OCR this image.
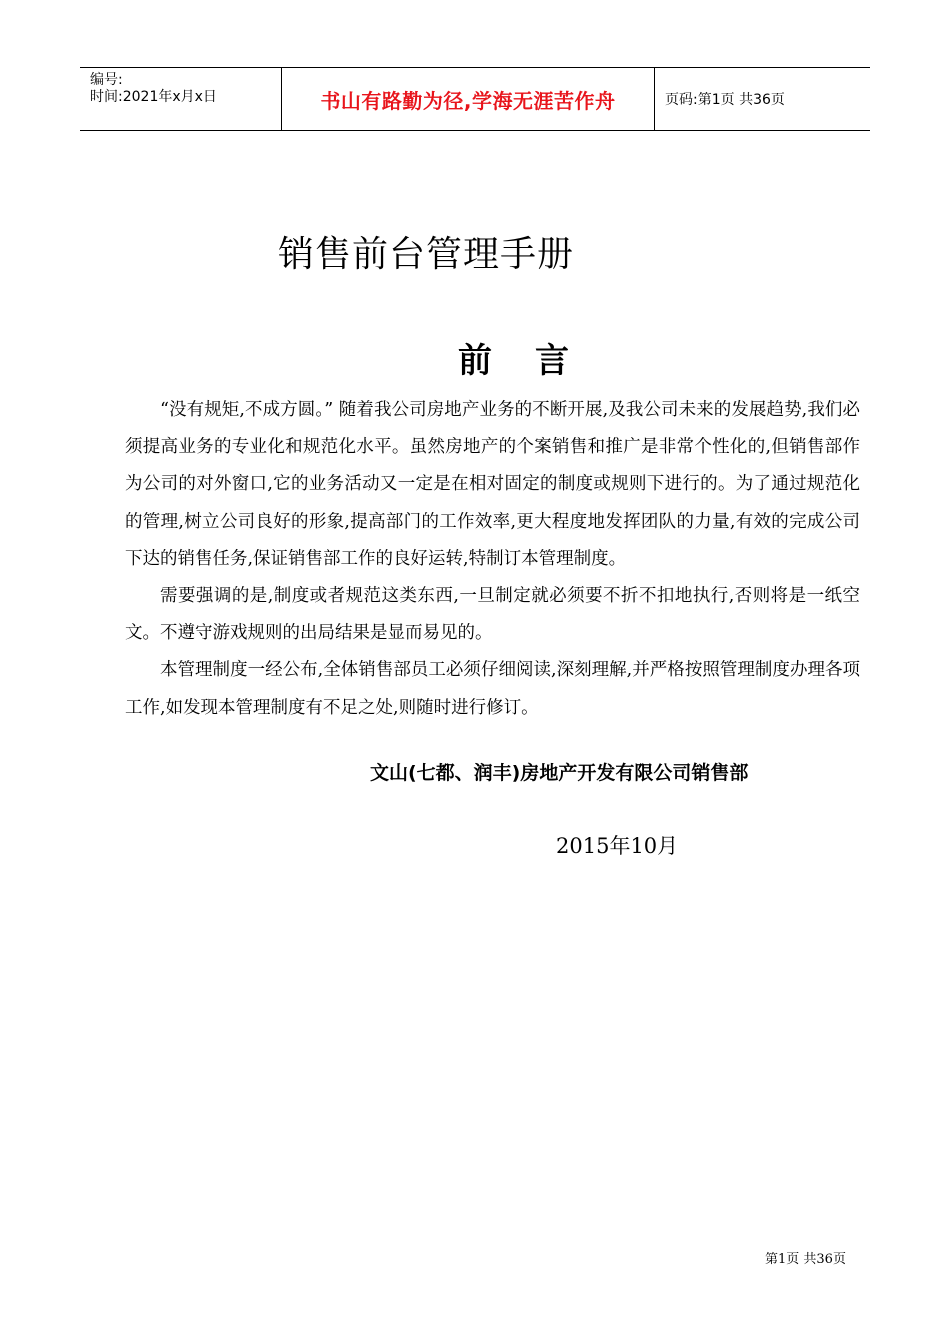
编号:
时间:2021年x月x日	书山有路勤为径,学海无涯苦作舟	页码:第1页 共36页
销售前台管理手册
前 言

“没有规矩,不成方圆。” 随着我公司房地产业务的不断开展,及我公司未来的发展趋势,我们必须提高业务的专业化和规范化水平。虽然房地产的个案销售和推广是非常个性化的,但销售部作为公司的对外窗口,它的业务活动又一定是在相对固定的制度或规则下进行的。为了通过规范化的管理,树立公司良好的形象,提高部门的工作效率,更大程度地发挥团队的力量,有效的完成公司下达的销售任务,保证销售部工作的良好运转,特制订本管理制度。

需要强调的是,制度或者规范这类东西,一旦制定就必须要不折不扣地执行,否则将是一纸空文。不遵守游戏规则的出局结果是显而易见的。

本管理制度一经公布,全体销售部员工必须仔细阅读,深刻理解,并严格按照管理制度办理各项工作,如发现本管理制度有不足之处,则随时进行修订。

文山(七都、润丰)房地产开发有限公司销售部
2015年10月
第1页 共36页
